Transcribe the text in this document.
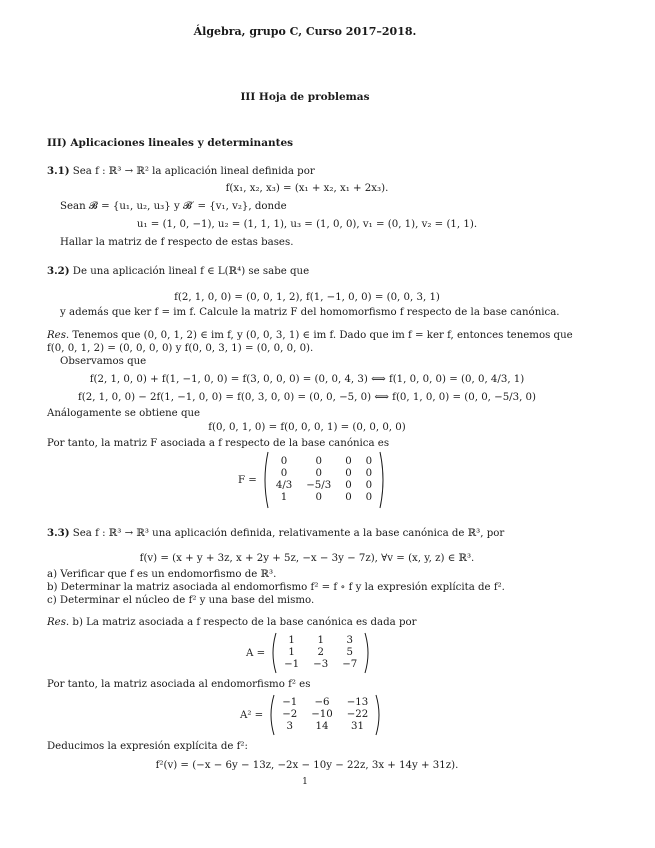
Álgebra, grupo C, Curso 2017–2018.
III Hoja de problemas
III) Aplicaciones lineales y determinantes
3.1) Sea f : ℝ³ → ℝ² la aplicación lineal definida por
f(x₁, x₂, x₃) = (x₁ + x₂, x₁ + 2x₃).
Sean 𝓑 = {u₁, u₂, u₃} y 𝓑′ = {v₁, v₂}, donde
u₁ = (1, 0, −1), u₂ = (1, 1, 1), u₃ = (1, 0, 0), v₁ = (0, 1), v₂ = (1, 1).
Hallar la matriz de f respecto de estas bases.
3.2) De una aplicación lineal f ∈ L(ℝ⁴) se sabe que
f(2, 1, 0, 0) = (0, 0, 1, 2), f(1, −1, 0, 0) = (0, 0, 3, 1)
y además que ker f = im f. Calcule la matriz F del homomorfismo f respecto de la base canónica.
Res. Tenemos que (0, 0, 1, 2) ∈ im f, y (0, 0, 3, 1) ∈ im f. Dado que im f = ker f, entonces tenemos que
f(0, 0, 1, 2) = (0, 0, 0, 0) y f(0, 0, 3, 1) = (0, 0, 0, 0).
Observamos que
f(2, 1, 0, 0) + f(1, −1, 0, 0) = f(3, 0, 0, 0) = (0, 0, 4, 3) ⟺ f(1, 0, 0, 0) = (0, 0, 4/3, 1)
f(2, 1, 0, 0) − 2f(1, −1, 0, 0) = f(0, 3, 0, 0) = (0, 0, −5, 0) ⟺ f(0, 1, 0, 0) = (0, 0, −5/3, 0)
Análogamente se obtiene que
f(0, 0, 1, 0) = f(0, 0, 0, 1) = (0, 0, 0, 0)
Por tanto, la matriz F asociada a f respecto de la base canónica es
F =
0	0	0	0
0	0	0	0
4/3	−5/3	0	0
1	0	0	0
3.3) Sea f : ℝ³ → ℝ³ una aplicación definida, relativamente a la base canónica de ℝ³, por
f(v) = (x + y + 3z, x + 2y + 5z, −x − 3y − 7z), ∀v = (x, y, z) ∈ ℝ³.
a) Verificar que f es un endomorfismo de ℝ³.
b) Determinar la matriz asociada al endomorfismo f² = f ∘ f y la expresión explícita de f².
c) Determinar el núcleo de f² y una base del mismo.
Res. b) La matriz asociada a f respecto de la base canónica es dada por
A =
1	1	3
1	2	5
−1	−3	−7
Por tanto, la matriz asociada al endomorfismo f² es
A² =
−1	−6	−13
−2	−10	−22
3	14	31
Deducimos la expresión explícita de f²:
f²(v) = (−x − 6y − 13z, −2x − 10y − 22z, 3x + 14y + 31z).
1
